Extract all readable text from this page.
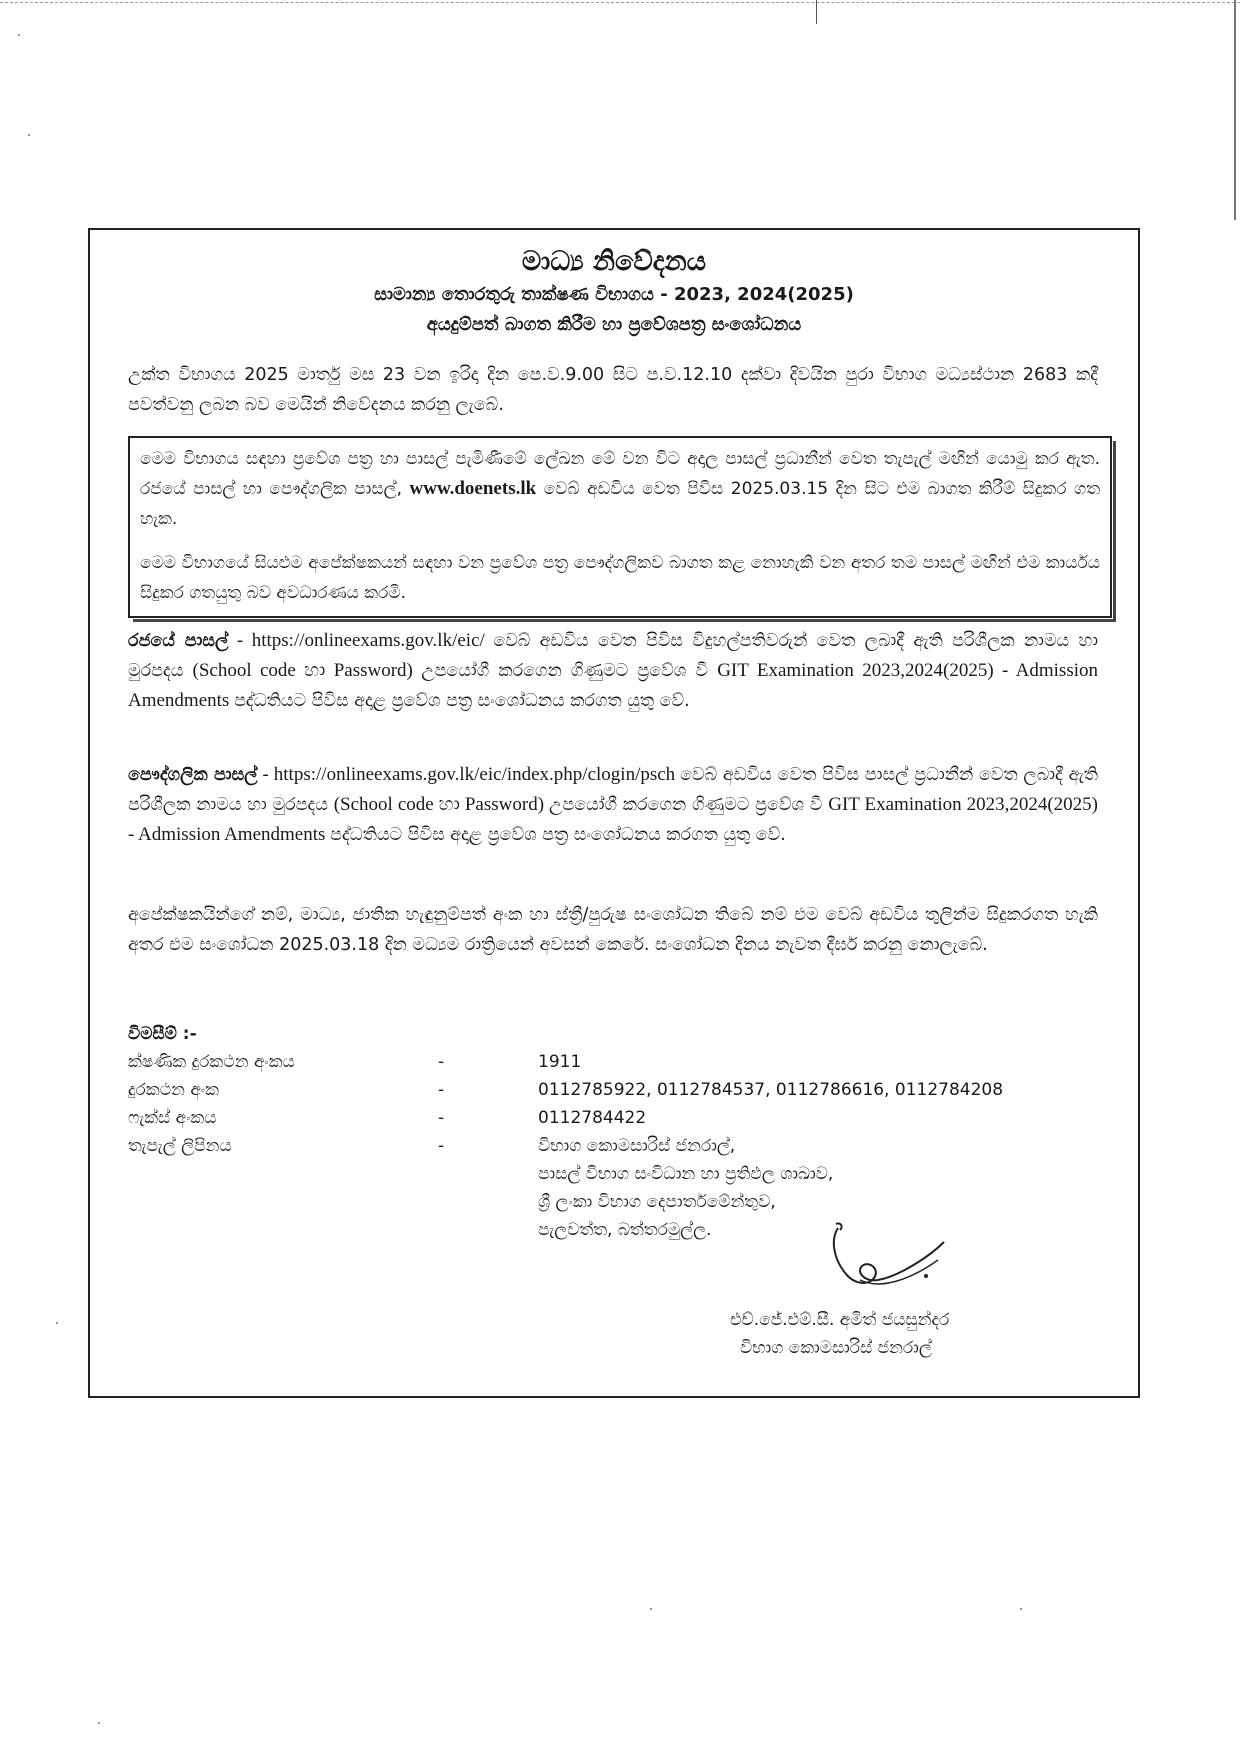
මාධ්‍ය නිවේදනය
සාමාන්‍ය තොරතුරු තාක්ෂණ විභාගය - 2023, 2024(2025)
අයදුම්පත් බාගත කිරීම හා ප්‍රවේශපත්‍ර සංශෝධනය
උක්ත විභාගය 2025 මාර්තු මස 23 වන ඉරිදා දින පෙ.ව.9.00 සිට ප.ව.12.10 දක්වා දිවයින පුරා විභාග මධ්‍යස්ථාන 2683 කදී පවත්වනු ලබන බව මෙයින් නිවේදනය කරනු ලැබේ.
මෙම විභාගය සඳහා ප්‍රවේශ පත්‍ර හා පාසල් පැමිණීමේ ලේඛන මේ වන විට අදාල පාසල් ප්‍රධානීන් වෙත තැපැල් මඟින් යොමු කර ඇත. රජයේ පාසල් හා පෞද්ගලික පාසල්, www.doenets.lk වෙබ් අඩවිය වෙත පිවිස 2025.03.15 දින සිට එම බාගත කිරීම් සිදුකර ගත හැක.
මෙම විභාගයේ සියළුම අපේක්ෂකයන් සඳහා වන ප්‍රවේශ පත්‍ර පෞද්ගලිකව බාගත කළ නොහැකි වන අතර තම පාසල් මඟින් එම කාර්යය සිදුකර ගතයුතු බව අවධාරණය කරමි.
රජයේ පාසල් - https://onlineexams.gov.lk/eic/ වෙබ් අඩවිය වෙත පිවිස විදුහල්පතිවරුන් වෙත ලබාදී ඇති පරිශීලක නාමය හා මුරපදය (School code හා Password) උපයෝගී කරගෙන ගිණුමට ප්‍රවේශ වී GIT Examination 2023,2024(2025) - Admission Amendments පද්ධතියට පිවිස අදාළ ප්‍රවේශ පත්‍ර සංශෝධනය කරගත යුතු වේ.
පෞද්ගලික පාසල් - https://onlineexams.gov.lk/eic/index.php/clogin/psch වෙබ් අඩවිය වෙත පිවිස පාසල් ප්‍රධානීන් වෙත ලබාදී ඇති පරිශීලක නාමය හා මුරපදය (School code හා Password) උපයෝගී කරගෙන ගිණුමට ප්‍රවේශ වී GIT Examination 2023,2024(2025) - Admission Amendments පද්ධතියට පිවිස අදාළ ප්‍රවේශ පත්‍ර සංශෝධනය කරගත යුතු වේ.
අපේක්ෂකයින්ගේ නම්, මාධ්‍ය, ජාතික හැඳුනුම්පත් අංක හා ස්ත්‍රී/පුරුෂ සංශෝධන තිබේ නම් එම වෙබ් අඩවිය තුලින්ම සිදුකරගත හැකි අතර එම සංශෝධන 2025.03.18 දින මධ්‍යම රාත්‍රියෙන් අවසන් කෙරේ. සංශෝධන දිනය නැවත දීර්ඝ කරනු නොලැබේ.
විමසීම් :-
ක්ෂණික දුරකථන අංකය	-	1911
දුරකථන අංක	-	0112785922, 0112784537, 0112786616, 0112784208
ෆැක්ස් අංකය	-	0112784422
තැපැල් ලිපිනය	-	විභාග කොමසාරිස් ජනරාල්,
පාසල් විභාග සංවිධාන හා ප්‍රතිඵල ශාඛාව,
ශ්‍රී ලංකා විභාග දෙපාර්තමේන්තුව,
පැලවත්ත, බත්තරමුල්ල.
එච්.ජේ.එම්.සී. අමිත් ජයසුන්දර
විභාග කොමසාරිස් ජනරාල්
